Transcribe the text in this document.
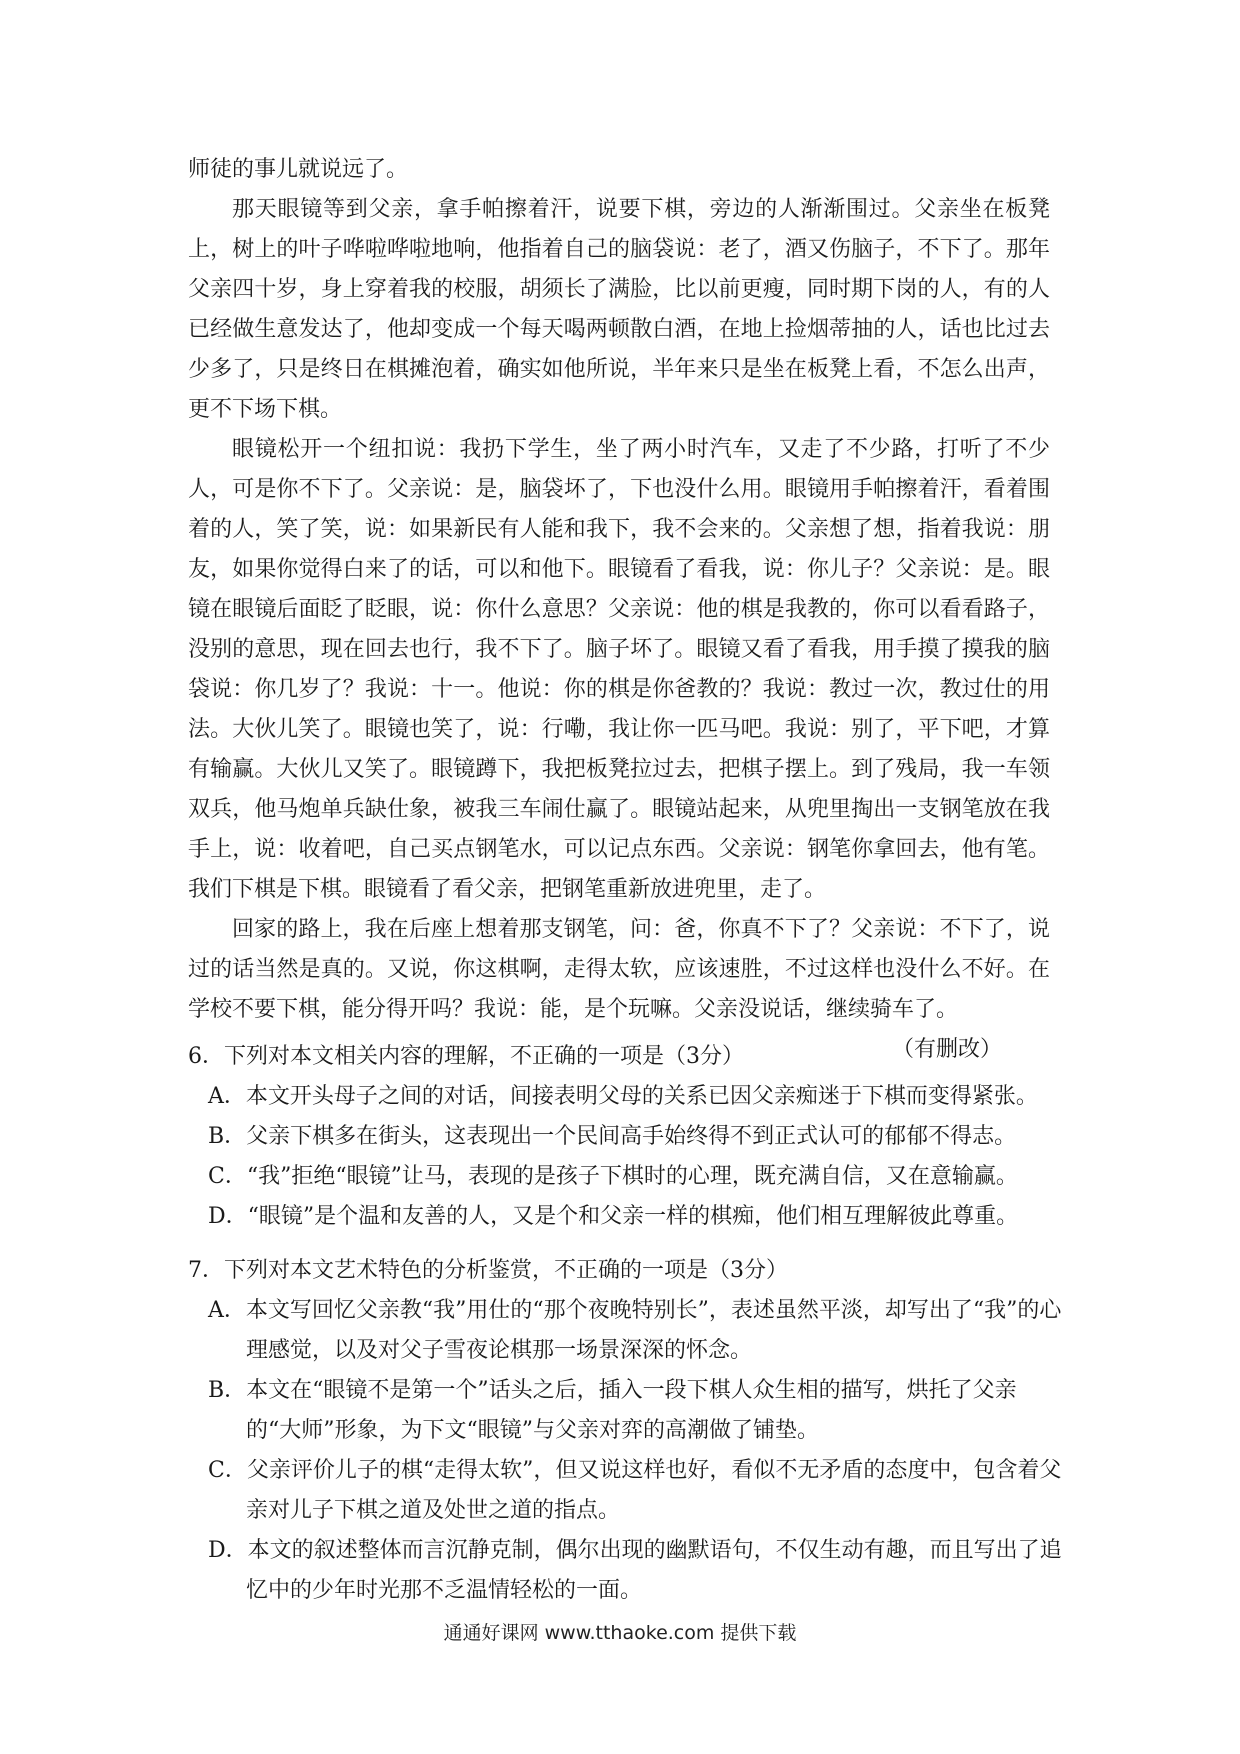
师徒的事儿就说远了。

那天眼镜等到父亲，拿手帕擦着汗，说要下棋，旁边的人渐渐围过。父亲坐在板凳上，树上的叶子哗啦哗啦地响，他指着自己的脑袋说：老了，酒又伤脑子，不下了。那年父亲四十岁，身上穿着我的校服，胡须长了满脸，比以前更瘦，同时期下岗的人，有的人已经做生意发达了，他却变成一个每天喝两顿散白酒，在地上捡烟蒂抽的人，话也比过去少多了，只是终日在棋摊泡着，确实如他所说，半年来只是坐在板凳上看，不怎么出声，更不下场下棋。

眼镜松开一个纽扣说：我扔下学生，坐了两小时汽车，又走了不少路，打听了不少人，可是你不下了。父亲说：是，脑袋坏了，下也没什么用。眼镜用手帕擦着汗，看着围着的人，笑了笑，说：如果新民有人能和我下，我不会来的。父亲想了想，指着我说：朋友，如果你觉得白来了的话，可以和他下。眼镜看了看我，说：你儿子？父亲说：是。眼镜在眼镜后面眨了眨眼，说：你什么意思？父亲说：他的棋是我教的，你可以看看路子，没别的意思，现在回去也行，我不下了。脑子坏了。眼镜又看了看我，用手摸了摸我的脑袋说：你几岁了？我说：十一。他说：你的棋是你爸教的？我说：教过一次，教过仕的用法。大伙儿笑了。眼镜也笑了，说：行嘞，我让你一匹马吧。我说：别了，平下吧，才算有输赢。大伙儿又笑了。眼镜蹲下，我把板凳拉过去，把棋子摆上。到了残局，我一车领双兵，他马炮单兵缺仕象，被我三车闹仕赢了。眼镜站起来，从兜里掏出一支钢笔放在我手上，说：收着吧，自己买点钢笔水，可以记点东西。父亲说：钢笔你拿回去，他有笔。我们下棋是下棋。眼镜看了看父亲，把钢笔重新放进兜里，走了。

回家的路上，我在后座上想着那支钢笔，问：爸，你真不下了？父亲说：不下了，说过的话当然是真的。又说，你这棋啊，走得太软，应该速胜，不过这样也没什么不好。在学校不要下棋，能分得开吗？我说：能，是个玩嘛。父亲没说话，继续骑车了。

（有删改）

6．下列对本文相关内容的理解，不正确的一项是（3分）

A．本文开头母子之间的对话，间接表明父母的关系已因父亲痴迷于下棋而变得紧张。
B．父亲下棋多在街头，这表现出一个民间高手始终得不到正式认可的郁郁不得志。
C．“我”拒绝“眼镜”让马，表现的是孩子下棋时的心理，既充满自信，又在意输赢。
D．“眼镜”是个温和友善的人，又是个和父亲一样的棋痴，他们相互理解彼此尊重。

7．下列对本文艺术特色的分析鉴赏，不正确的一项是（3分）

A．本文写回忆父亲教“我”用仕的“那个夜晚特别长”，表述虽然平淡，却写出了“我”的心理感觉，以及对父子雪夜论棋那一场景深深的怀念。
B．本文在“眼镜不是第一个”话头之后，插入一段下棋人众生相的描写，烘托了父亲的“大师”形象，为下文“眼镜”与父亲对弈的高潮做了铺垫。
C．父亲评价儿子的棋“走得太软”，但又说这样也好，看似不无矛盾的态度中，包含着父亲对儿子下棋之道及处世之道的指点。
D．本文的叙述整体而言沉静克制，偶尔出现的幽默语句，不仅生动有趣，而且写出了追忆中的少年时光那不乏温情轻松的一面。
通通好课网 www.tthaoke.com 提供下载
